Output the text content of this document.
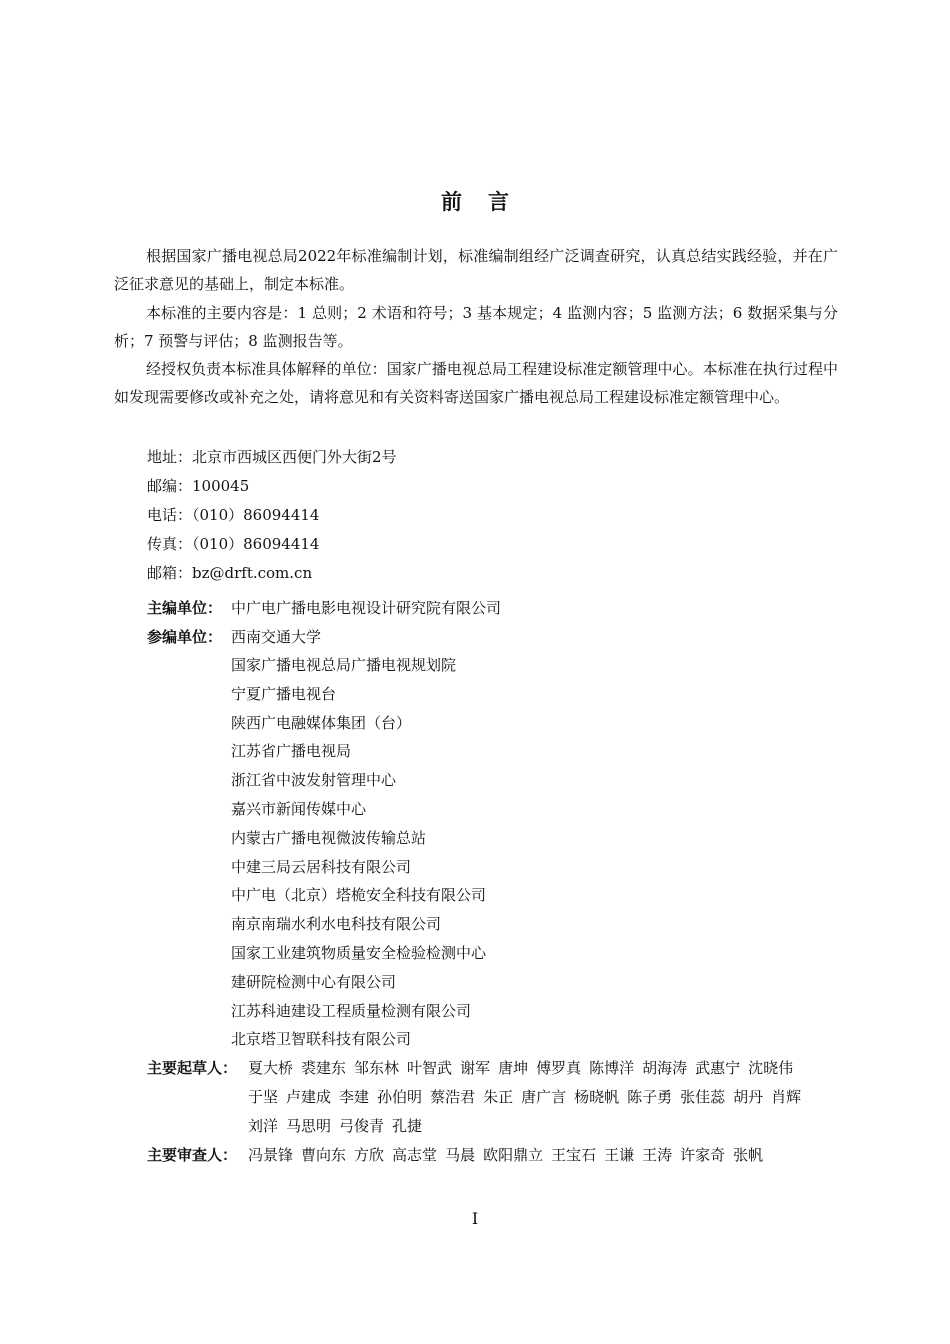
前言

根据国家广播电视总局2022年标准编制计划，标准编制组经广泛调查研究，认真总结实践经验，并在广泛征求意见的基础上，制定本标准。

本标准的主要内容是：1 总则；2 术语和符号；3 基本规定；4 监测内容；5 监测方法；6 数据采集与分析；7 预警与评估；8 监测报告等。

经授权负责本标准具体解释的单位：国家广播电视总局工程建设标准定额管理中心。本标准在执行过程中如发现需要修改或补充之处，请将意见和有关资料寄送国家广播电视总局工程建设标准定额管理中心。

地址：北京市西城区西便门外大街2号
邮编：100045
电话：（010）86094414
传真：（010）86094414
邮箱：bz@drft.com.cn
主编单位： 中广电广播电影电视设计研究院有限公司
参编单位： 西南交通大学
国家广播电视总局广播电视规划院
宁夏广播电视台
陕西广电融媒体集团（台）
江苏省广播电视局
浙江省中波发射管理中心
嘉兴市新闻传媒中心
内蒙古广播电视微波传输总站
中建三局云居科技有限公司
中广电（北京）塔桅安全科技有限公司
南京南瑞水利水电科技有限公司
国家工业建筑物质量安全检验检测中心
建研院检测中心有限公司
江苏科迪建设工程质量检测有限公司
北京塔卫智联科技有限公司
主要起草人： 夏大桥 裘建东 邹东林 叶智武 谢军 唐坤 傅罗真 陈博洋 胡海涛 武惠宁 沈晓伟于坚 卢建成 李建 孙伯明 蔡浩君 朱正 唐广言 杨晓帆 陈子勇 张佳蕊 胡丹 肖辉刘洋 马思明 弓俊青 孔捷
主要审查人： 冯景锋 曹向东 方欣 高志堂 马晨 欧阳鼎立 王宝石 王谦 王涛 许家奇 张帆
I
